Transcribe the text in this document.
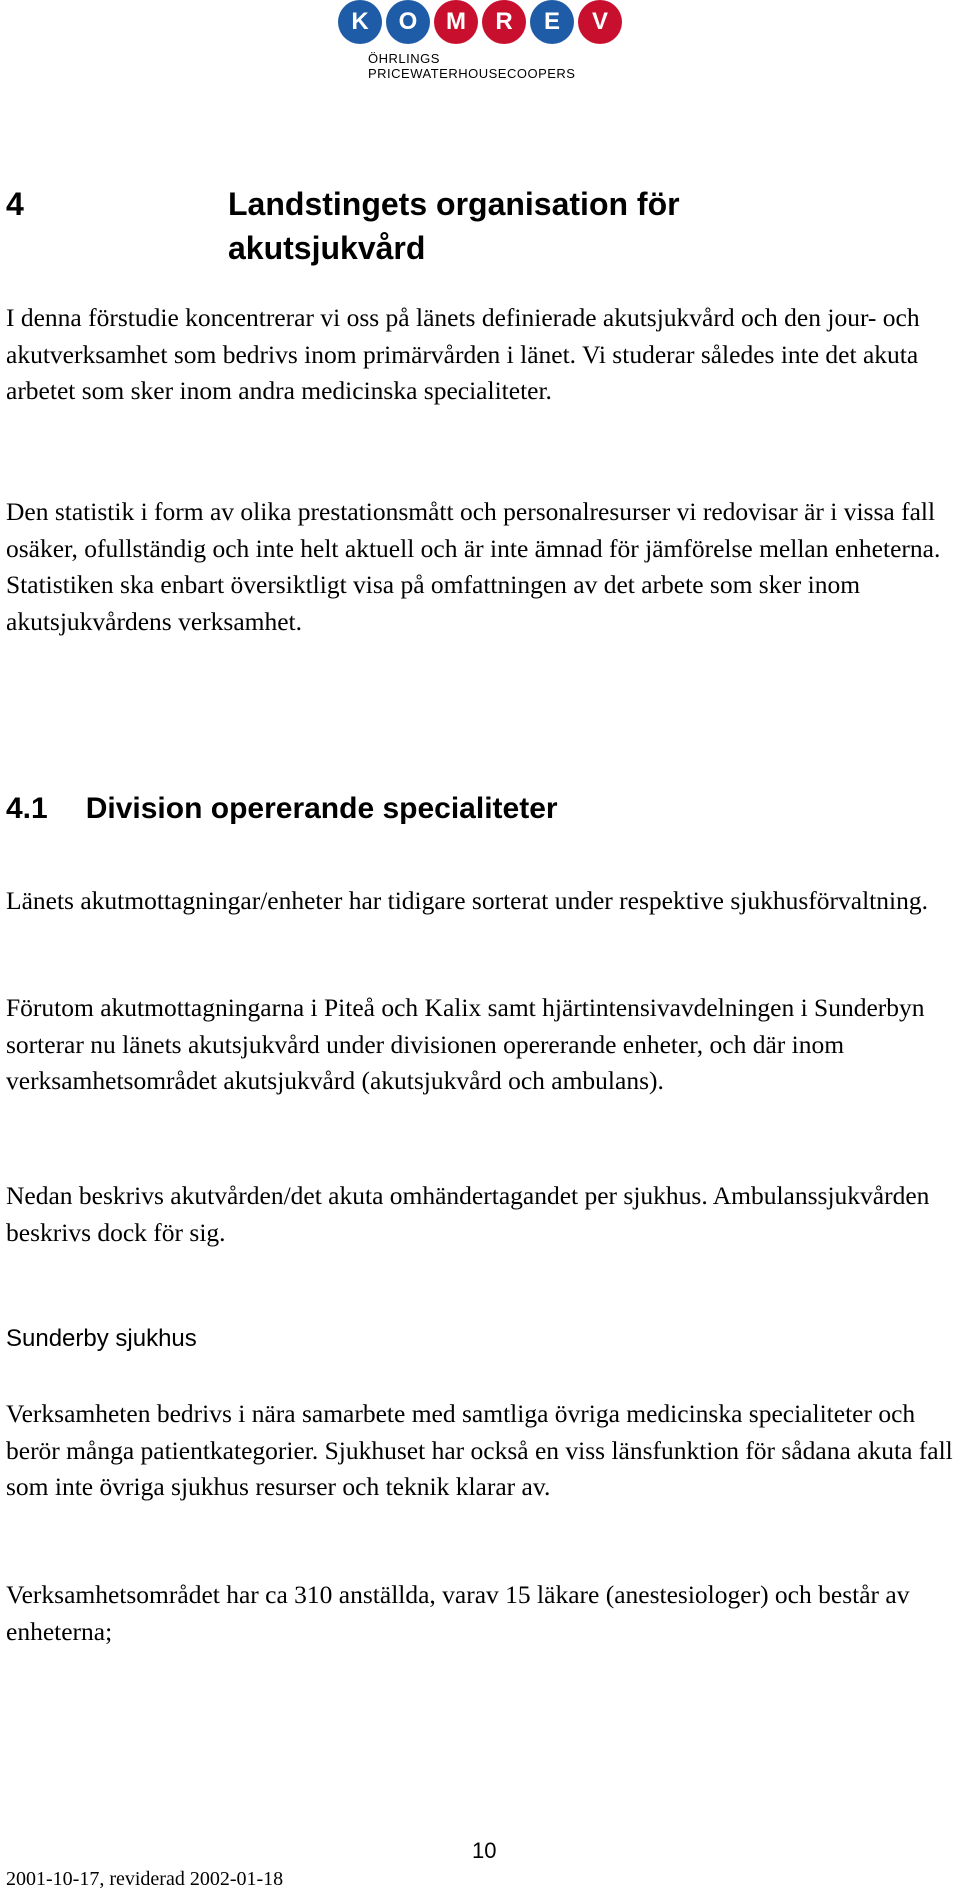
K	O	M	R	E	V
ÖHRLINGS PRICEWATERHOUSECOOPERS
4	Landstingets organisation för
akutsjukvård

I denna förstudie koncentrerar vi oss på länets definierade akutsjukvård och den jour- och akutverksamhet som bedrivs inom primärvården i länet. Vi studerar således inte det akuta arbetet som sker inom andra medicinska specialiteter.

Den statistik i form av olika prestationsmått och personalresurser vi redovisar är i vissa fall osäker, ofullständig och inte helt aktuell och är inte ämnad för jämförelse mellan enheterna. Statistiken ska enbart översiktligt visa på omfattningen av det arbete som sker inom akutsjukvårdens verksamhet.

4.1 Division opererande specialiteter

Länets akutmottagningar/enheter har tidigare sorterat under respektive sjukhusförvaltning.

Förutom akutmottagningarna i Piteå och Kalix samt hjärtintensivavdelningen i Sunderbyn sorterar nu länets akutsjukvård under divisionen opererande enheter, och där inom verksamhetsområdet akutsjukvård (akutsjukvård och ambulans).

Nedan beskrivs akutvården/det akuta omhändertagandet per sjukhus. Ambulanssjukvården beskrivs dock för sig.

Sunderby sjukhus

Verksamheten bedrivs i nära samarbete med samtliga övriga medicinska specialiteter och berör många patientkategorier. Sjukhuset har också en viss länsfunktion för sådana akuta fall som inte övriga sjukhus resurser och teknik klarar av.

Verksamhetsområdet har ca 310 anställda, varav 15 läkare (anestesiologer) och består av enheterna;

10
2001-10-17, reviderad 2002-01-18
